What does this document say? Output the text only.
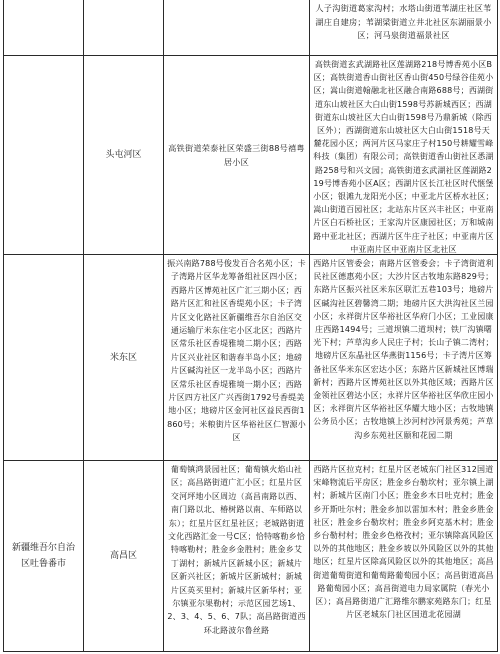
人子沟街道葛家沟村；水塔山街道苇湖庄社区苇湖庄自建房；苇湖梁街道立井北社区东湖丽景小区；河马泉街道福景社区
头屯河区
高铁街道荣泰社区荣盛三街88号禧粤居小区
高铁街道玄武湖路社区莲湖路218号博香苑小区B区；高铁街道香山街社区香山街450号绿谷佳苑小区；嵩山街道翰融北社区融合南路688号；西湖街道东山坡社区大白山街1598号苏新城西区；西湖街道东山坡社区大白山街1598号乃鼎新城（除西区外）；西湖街道东山坡社区大白山街1518号天麓花园小区；两河片区马家庄子村150号耕耀雪峰科技（集团）有限公司；高铁街道香山街社区悉湖路258号和兴文园；高铁街道玄武湖社区莲湖路219号博香苑小区A区；西湖片区长江社区时代惬堡小区；银滩九龙阳光小区；中亚北片区桥水社区；嵩山街道百园社区；北站东片区兴丰社区；中亚南片区白石桥社区；王家沟片区康园社区；万和城南路中亚北社区；西湖片区牛庄子社区；中亚南片区中亚南片区中亚南片区北社区
米东区
振兴南路788号俊发百合名苑小区；卡子湾路片区华龙筹备组社区四小区；西路片区博苑社区广汇三期小区；西路片区汇和社区香缇苑小区；卡子湾片区文化路社区新疆维吾尔自治区交通运输厅米东住宅小区北区；西路片区常乐社区香堤雅境二期小区；西路片区兴业社区和谐春半岛小区；地磅片区碱沟社区一龙半岛小区；西路片区常乐社区香堤雅境一期小区；西路片区四方社区广兴西街1792号香缇美地小区；地磅片区金河社区益民西街1860号；米粮街片区华裕社区仁智源小区
西路片区管委会；南路片区管委会；卡子湾街道利民社区德惠苑小区；大沙片区古牧地东路829号；东路片区振兴社区米东区联汇五巷103号；地磅片区碱沟社区碧馨湾二期；地磅片区大洪沟社区兰园小区；永祥街片区华裕社区华府门小区；工业园康庄西路1494号；三道坝镇二道坝村；铁厂沟镇曙光下村；芦草沟乡人民庄子村；长山子镇二湾村；地磅片区东晶社区华燕街1156号；卡子湾片区筹备社区华米东区宏达小区；东路片区新城社区博瑞新村；西路片区博苑社区以外其他区域；西路片区金领社区碧达小区；永祥片区华裕社区华欣庄园小区；永祥街片区华裕社区华耀大地小区；古牧地镇公务员小区；古牧地镇上沙河村沙河景秀苑；芦草沟乡东苑社区颐和花园二期
新疆维吾尔自治区吐鲁番市
高昌区
葡萄镇鸿景园社区；葡萄镇火焰山社区；高昌路街道广汇小区；红星片区交河坪地小区周边（高昌南路以西、南门路以北、椿树路以南、车师路以东）；红星片区红星社区；老城路街道文化西路汇金一号C区；恰特喀勒乡恰特喀勒村；胜金乡金胜村；胜金乡艾丁湖村；新城片区新城小区；新城片区新兴社区；新城片区新城村；新城片区英买里村；新城片区新华村；亚尔镇亚尔果勒村；示范区园艺场1、2、3、4、5、6、7队；高昌路街道西环北路波尔鲁丝路
西路片区拉克村；红星片区老城东门社区312国道宋峰物流后平房区；胜金乡台勒坎村；亚尔镇上湖村；新城片区南门小区；胜金乡木日吐克村；胜金乡开斯吐尔村；胜金乡加以雷加木村；胜金乡胜金社区；胜金乡台勒坎村；胜金乡阿克基木村；胜金乡台勒村村；胜金乡色格孜村；亚尔镇除高风险区以外的其他地区；胜金乡坡以外风险区以外的其他地区；红星片区除高风险区以外的其他地区；高昌街道葡萄街道和葡萄路葡萄园小区；高昌街道高昌路葡萄园小区；高昌街道电力局家属院（春光小区）；高昌路街道广汇路维尔鹏家苑路东门；红星片区老城东门社区国道北花园湖
